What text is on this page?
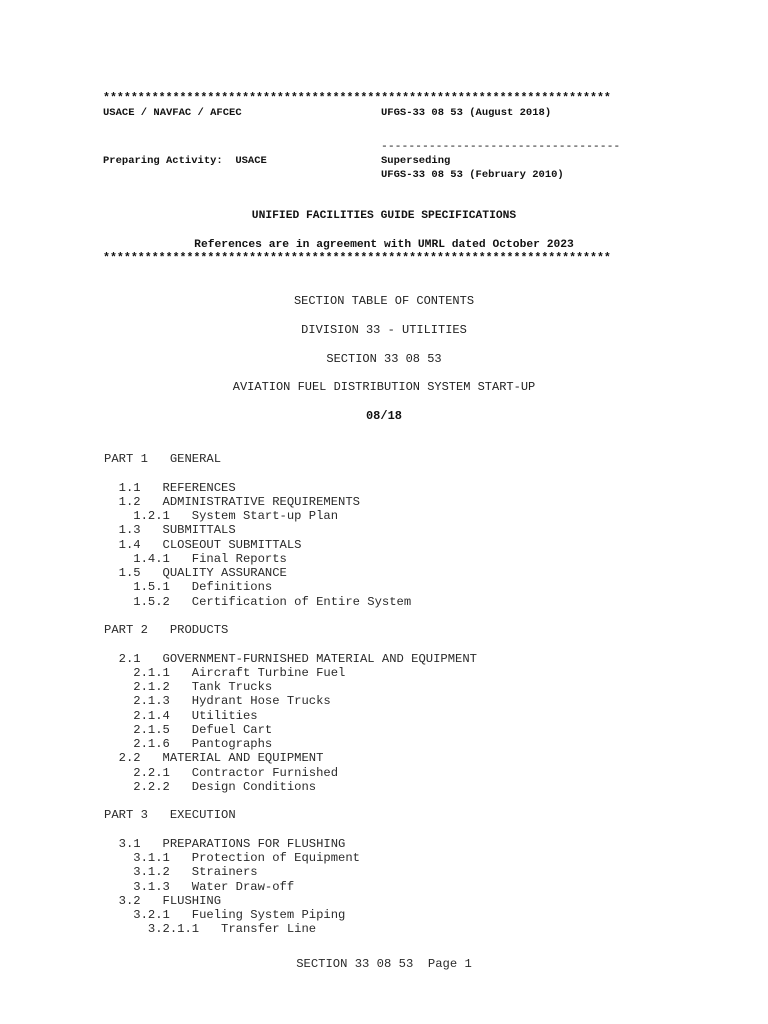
*************************************************************************
USACE / NAVFAC / AFCEC	UFGS-33 08 53 (August 2018)
-----------------------------------
Preparing Activity:  USACE	Superseding
UFGS-33 08 53 (February 2010)
UNIFIED FACILITIES GUIDE SPECIFICATIONS
References are in agreement with UMRL dated October 2023
*************************************************************************
SECTION TABLE OF CONTENTS
DIVISION 33 - UTILITIES
SECTION 33 08 53
AVIATION FUEL DISTRIBUTION SYSTEM START-UP
08/18
PART 1   GENERAL
1.1   REFERENCES
1.2   ADMINISTRATIVE REQUIREMENTS
1.2.1   System Start-up Plan
1.3   SUBMITTALS
1.4   CLOSEOUT SUBMITTALS
1.4.1   Final Reports
1.5   QUALITY ASSURANCE
1.5.1   Definitions
1.5.2   Certification of Entire System
PART 2   PRODUCTS
2.1   GOVERNMENT-FURNISHED MATERIAL AND EQUIPMENT
2.1.1   Aircraft Turbine Fuel
2.1.2   Tank Trucks
2.1.3   Hydrant Hose Trucks
2.1.4   Utilities
2.1.5   Defuel Cart
2.1.6   Pantographs
2.2   MATERIAL AND EQUIPMENT
2.2.1   Contractor Furnished
2.2.2   Design Conditions
PART 3   EXECUTION
3.1   PREPARATIONS FOR FLUSHING
3.1.1   Protection of Equipment
3.1.2   Strainers
3.1.3   Water Draw-off
3.2   FLUSHING
3.2.1   Fueling System Piping
3.2.1.1   Transfer Line
SECTION 33 08 53  Page 1
